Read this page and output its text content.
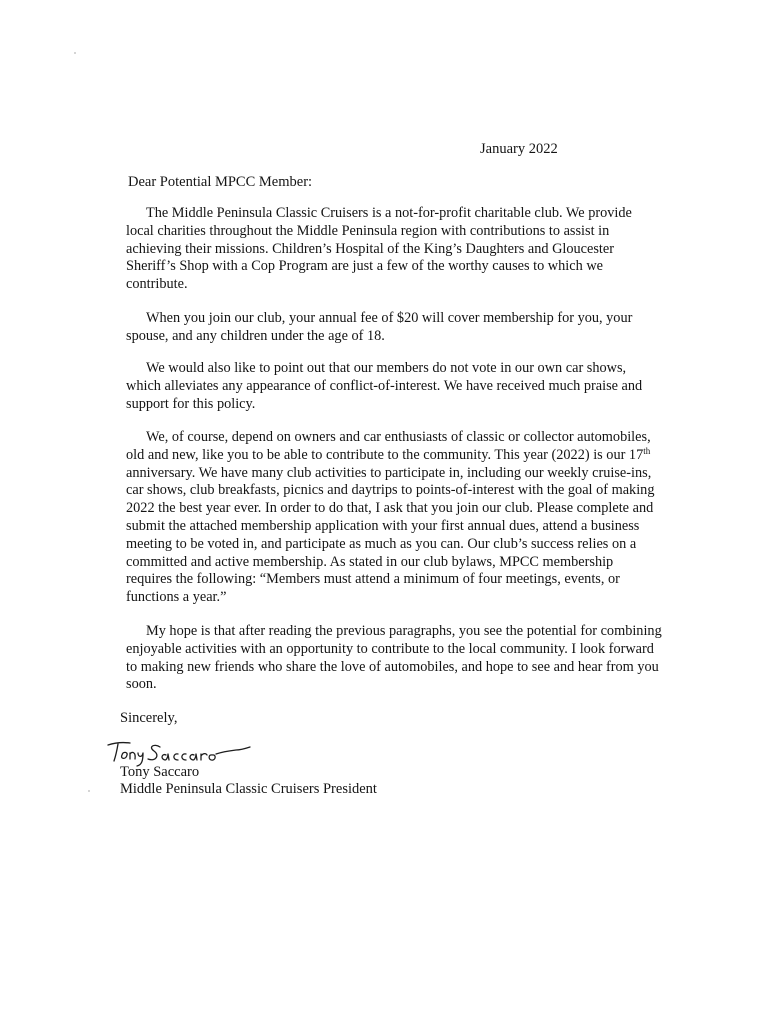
January 2022
Dear Potential MPCC Member:

The Middle Peninsula Classic Cruisers is a not-for-profit charitable club. We provide local charities throughout the Middle Peninsula region with contributions to assist in achieving their missions. Children’s Hospital of the King’s Daughters and Gloucester Sheriff’s Shop with a Cop Program are just a few of the worthy causes to which we contribute.

When you join our club, your annual fee of $20 will cover membership for you, your spouse, and any children under the age of 18.

We would also like to point out that our members do not vote in our own car shows, which alleviates any appearance of conflict-of-interest. We have received much praise and support for this policy.

We, of course, depend on owners and car enthusiasts of classic or collector automobiles, old and new, like you to be able to contribute to the community. This year (2022) is our 17th anniversary. We have many club activities to participate in, including our weekly cruise-ins, car shows, club breakfasts, picnics and daytrips to points-of-interest with the goal of making 2022 the best year ever. In order to do that, I ask that you join our club. Please complete and submit the attached membership application with your first annual dues, attend a business meeting to be voted in, and participate as much as you can. Our club’s success relies on a committed and active membership. As stated in our club bylaws, MPCC membership requires the following: “Members must attend a minimum of four meetings, events, or functions a year.”

My hope is that after reading the previous paragraphs, you see the potential for combining enjoyable activities with an opportunity to contribute to the local community. I look forward to making new friends who share the love of automobiles, and hope to see and hear from you soon.

Sincerely,
Tony Saccaro
Middle Peninsula Classic Cruisers President
